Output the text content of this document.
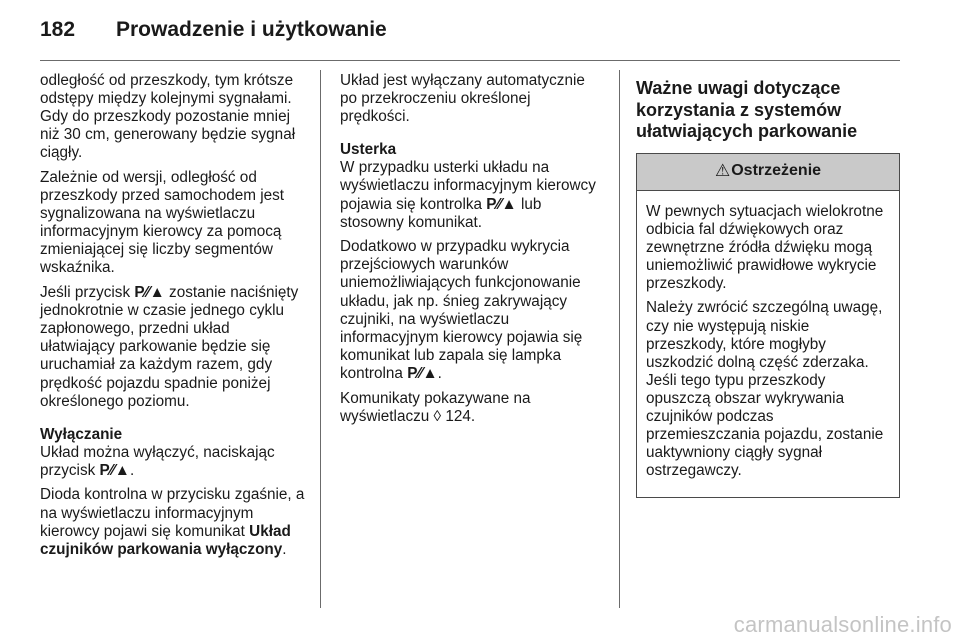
182	Prowadzenie i użytkowanie

odległość od przeszkody, tym krótsze odstępy między kolejnymi sygnałami. Gdy do przeszkody pozostanie mniej niż 30 cm, generowany będzie sygnał ciągły.

Zależnie od wersji, odległość od przeszkody przed samochodem jest sygnalizowana na wyświetlaczu informacyjnym kierowcy za pomocą zmieniającej się liczby segmentów wskaźnika.

Jeśli przycisk P⁄⁄▲ zostanie naciśnięty jednokrotnie w czasie jednego cyklu zapłonowego, przedni układ ułatwiający parkowanie będzie się uruchamiał za każdym razem, gdy prędkość pojazdu spadnie poniżej określonego poziomu.

Wyłączanie
Układ można wyłączyć, naciskając przycisk P⁄⁄▲.

Dioda kontrolna w przycisku zgaśnie, a na wyświetlaczu informacyjnym kierowcy pojawi się komunikat Układ czujników parkowania wyłączony.

Układ jest wyłączany automatycznie po przekroczeniu określonej prędkości.

Usterka
W przypadku usterki układu na wyświetlaczu informacyjnym kierowcy pojawia się kontrolka P⁄⁄▲ lub stosowny komunikat.

Dodatkowo w przypadku wykrycia przejściowych warunków uniemożliwiających funkcjonowanie układu, jak np. śnieg zakrywający czujniki, na wyświetlaczu informacyjnym kierowcy pojawia się komunikat lub zapala się lampka kontrolna P⁄⁄▲.

Komunikaty pokazywane na wyświetlaczu ◊ 124.

Ważne uwagi dotyczące korzystania z systemów ułatwiających parkowanie
⚠ Ostrzeżenie

W pewnych sytuacjach wielokrotne odbicia fal dźwiękowych oraz zewnętrzne źródła dźwięku mogą uniemożliwić prawidłowe wykrycie przeszkody.

Należy zwrócić szczególną uwagę, czy nie występują niskie przeszkody, które mogłyby uszkodzić dolną część zderzaka. Jeśli tego typu przeszkody opuszczą obszar wykrywania czujników podczas przemieszczania pojazdu, zostanie uaktywniony ciągły sygnał ostrzegawczy.

carmanualsonline.info
